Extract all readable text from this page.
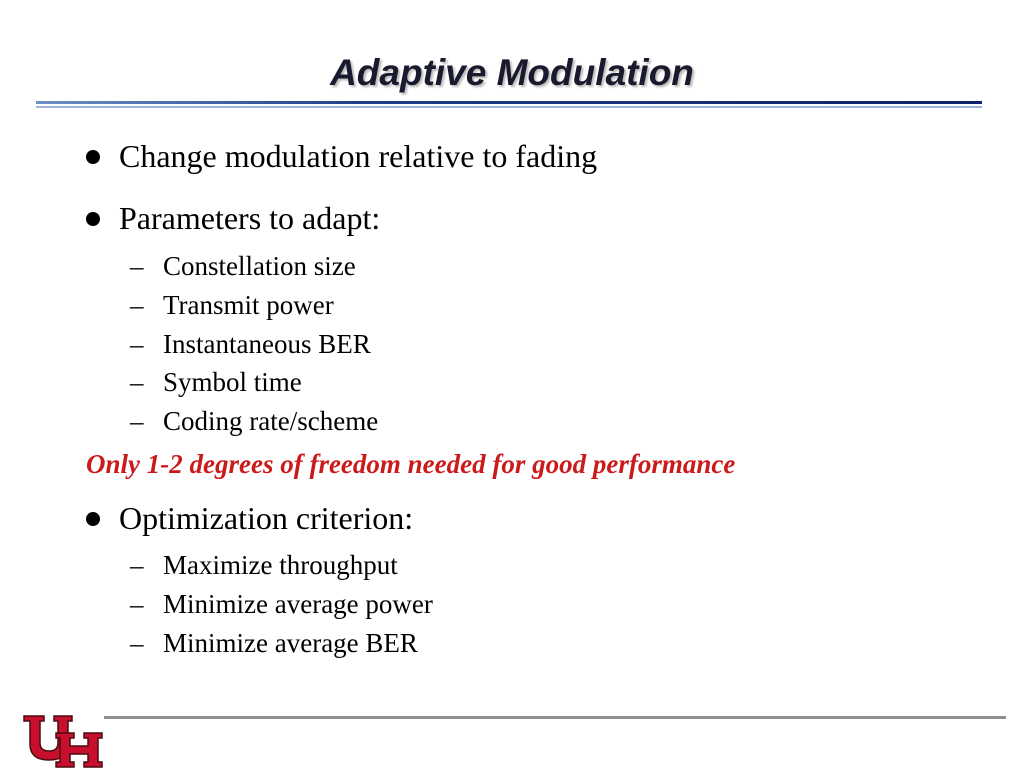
Adaptive Modulation
Change modulation relative to fading
Parameters to adapt:
– Constellation size
– Transmit power
– Instantaneous BER
– Symbol time
– Coding rate/scheme
Only 1-2 degrees of freedom needed for good performance
Optimization criterion:
– Maximize throughput
– Minimize average power
– Minimize average BER
